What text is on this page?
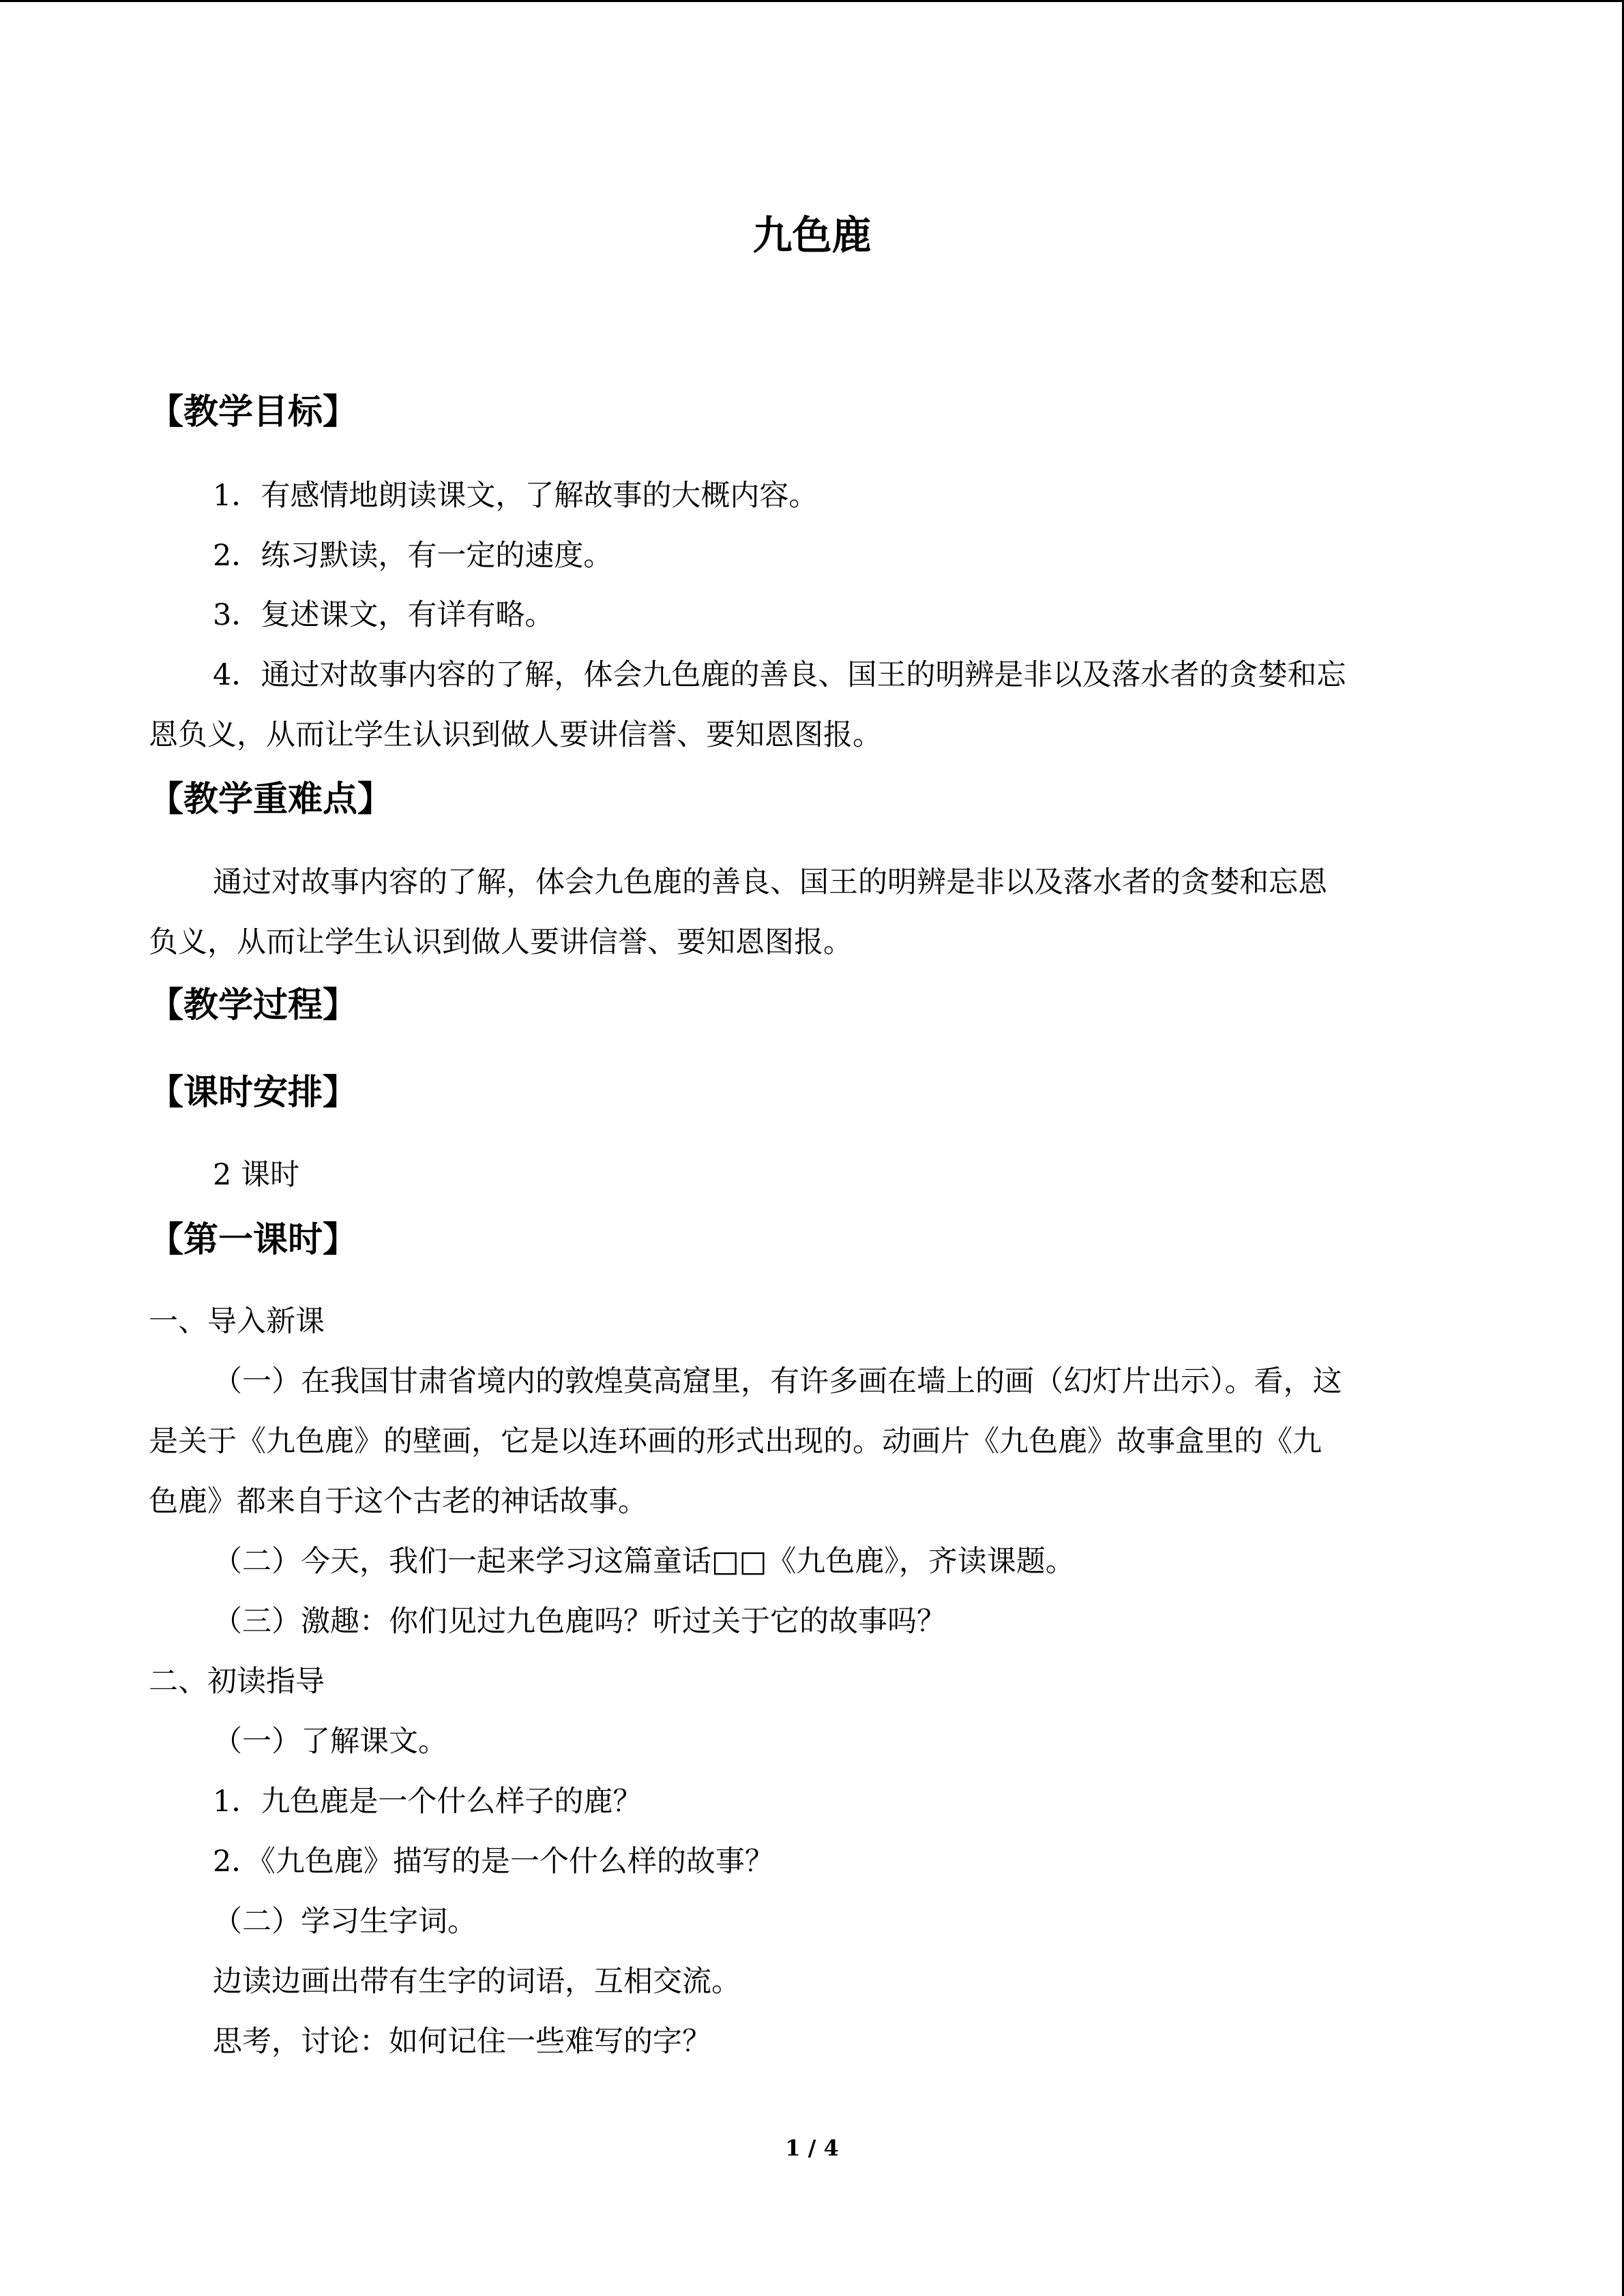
九色鹿
【教学目标】

1．有感情地朗读课文，了解故事的大概内容。

2．练习默读，有一定的速度。

3．复述课文，有详有略。

4．通过对故事内容的了解，体会九色鹿的善良、国王的明辨是非以及落水者的贪婪和忘

恩负义，从而让学生认识到做人要讲信誉、要知恩图报。

【教学重难点】

通过对故事内容的了解，体会九色鹿的善良、国王的明辨是非以及落水者的贪婪和忘恩

负义，从而让学生认识到做人要讲信誉、要知恩图报。

【教学过程】
【课时安排】

2 课时

【第一课时】

一、导入新课

（一）在我国甘肃省境内的敦煌莫高窟里，有许多画在墙上的画（幻灯片出示）。看，这

是关于《九色鹿》的壁画，它是以连环画的形式出现的。动画片《九色鹿》故事盒里的《九

色鹿》都来自于这个古老的神话故事。

（二）今天，我们一起来学习这篇童话□□《九色鹿》，齐读课题。

（三）激趣：你们见过九色鹿吗？听过关于它的故事吗？

二、初读指导

（一）了解课文。

1．九色鹿是一个什么样子的鹿？

2．《九色鹿》描写的是一个什么样的故事？

（二）学习生字词。

边读边画出带有生字的词语，互相交流。

思考，讨论：如何记住一些难写的字？

1 / 4
